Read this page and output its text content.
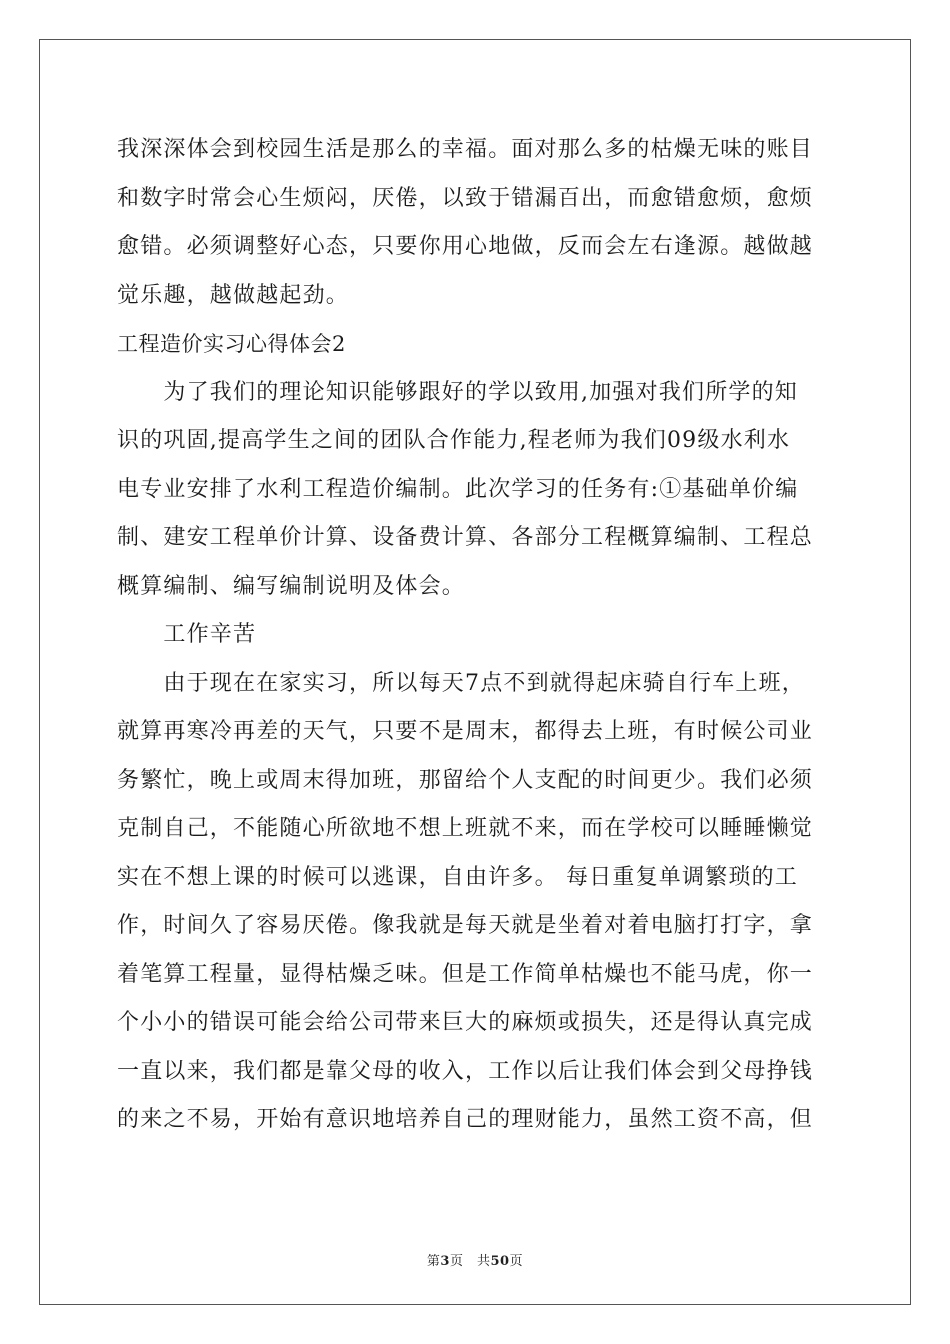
我深深体会到校园生活是那么的幸福。面对那么多的枯燥无味的账目
和数字时常会心生烦闷，厌倦，以致于错漏百出，而愈错愈烦，愈烦
愈错。必须调整好心态，只要你用心地做，反而会左右逢源。越做越
觉乐趣，越做越起劲。
工程造价实习心得体会2
　　为了我们的理论知识能够跟好的学以致用,加强对我们所学的知
识的巩固,提高学生之间的团队合作能力,程老师为我们09级水利水
电专业安排了水利工程造价编制。此次学习的任务有:①基础单价编
制、建安工程单价计算、设备费计算、各部分工程概算编制、工程总
概算编制、编写编制说明及体会。
　　工作辛苦
　　由于现在在家实习，所以每天7点不到就得起床骑自行车上班，
就算再寒冷再差的天气，只要不是周末，都得去上班，有时候公司业
务繁忙，晚上或周末得加班，那留给个人支配的时间更少。我们必须
克制自己，不能随心所欲地不想上班就不来，而在学校可以睡睡懒觉
实在不想上课的时候可以逃课，自由许多。 每日重复单调繁琐的工
作，时间久了容易厌倦。像我就是每天就是坐着对着电脑打打字，拿
着笔算工程量，显得枯燥乏味。但是工作简单枯燥也不能马虎，你一
个小小的错误可能会给公司带来巨大的麻烦或损失，还是得认真完成
一直以来，我们都是靠父母的收入，工作以后让我们体会到父母挣钱
的来之不易，开始有意识地培养自己的理财能力，虽然工资不高，但
第3页　共50页
